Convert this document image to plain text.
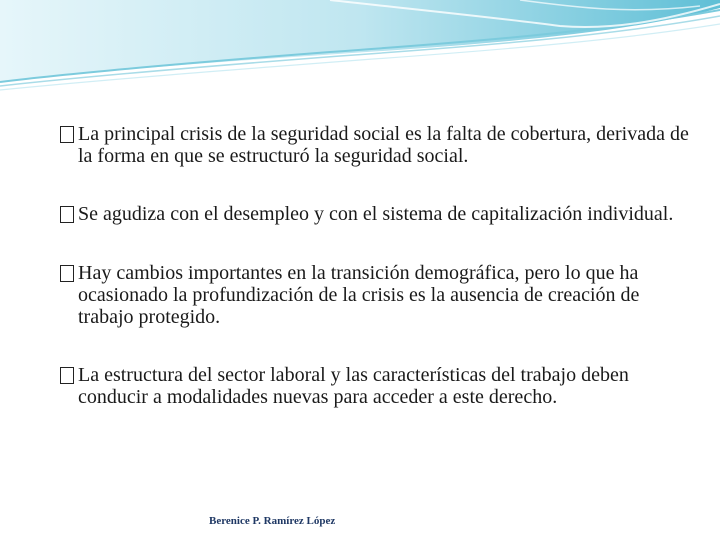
La principal crisis de la seguridad social es la falta de cobertura, derivada de la forma en que se estructuró la seguridad social.
Se agudiza con el desempleo y con el sistema de capitalización individual.
Hay cambios importantes en la transición demográfica, pero lo que ha ocasionado la profundización de la crisis es la ausencia de creación de trabajo protegido.
La estructura del sector laboral y las características del trabajo deben conducir a modalidades nuevas para acceder a este derecho.
Berenice P. Ramírez López
